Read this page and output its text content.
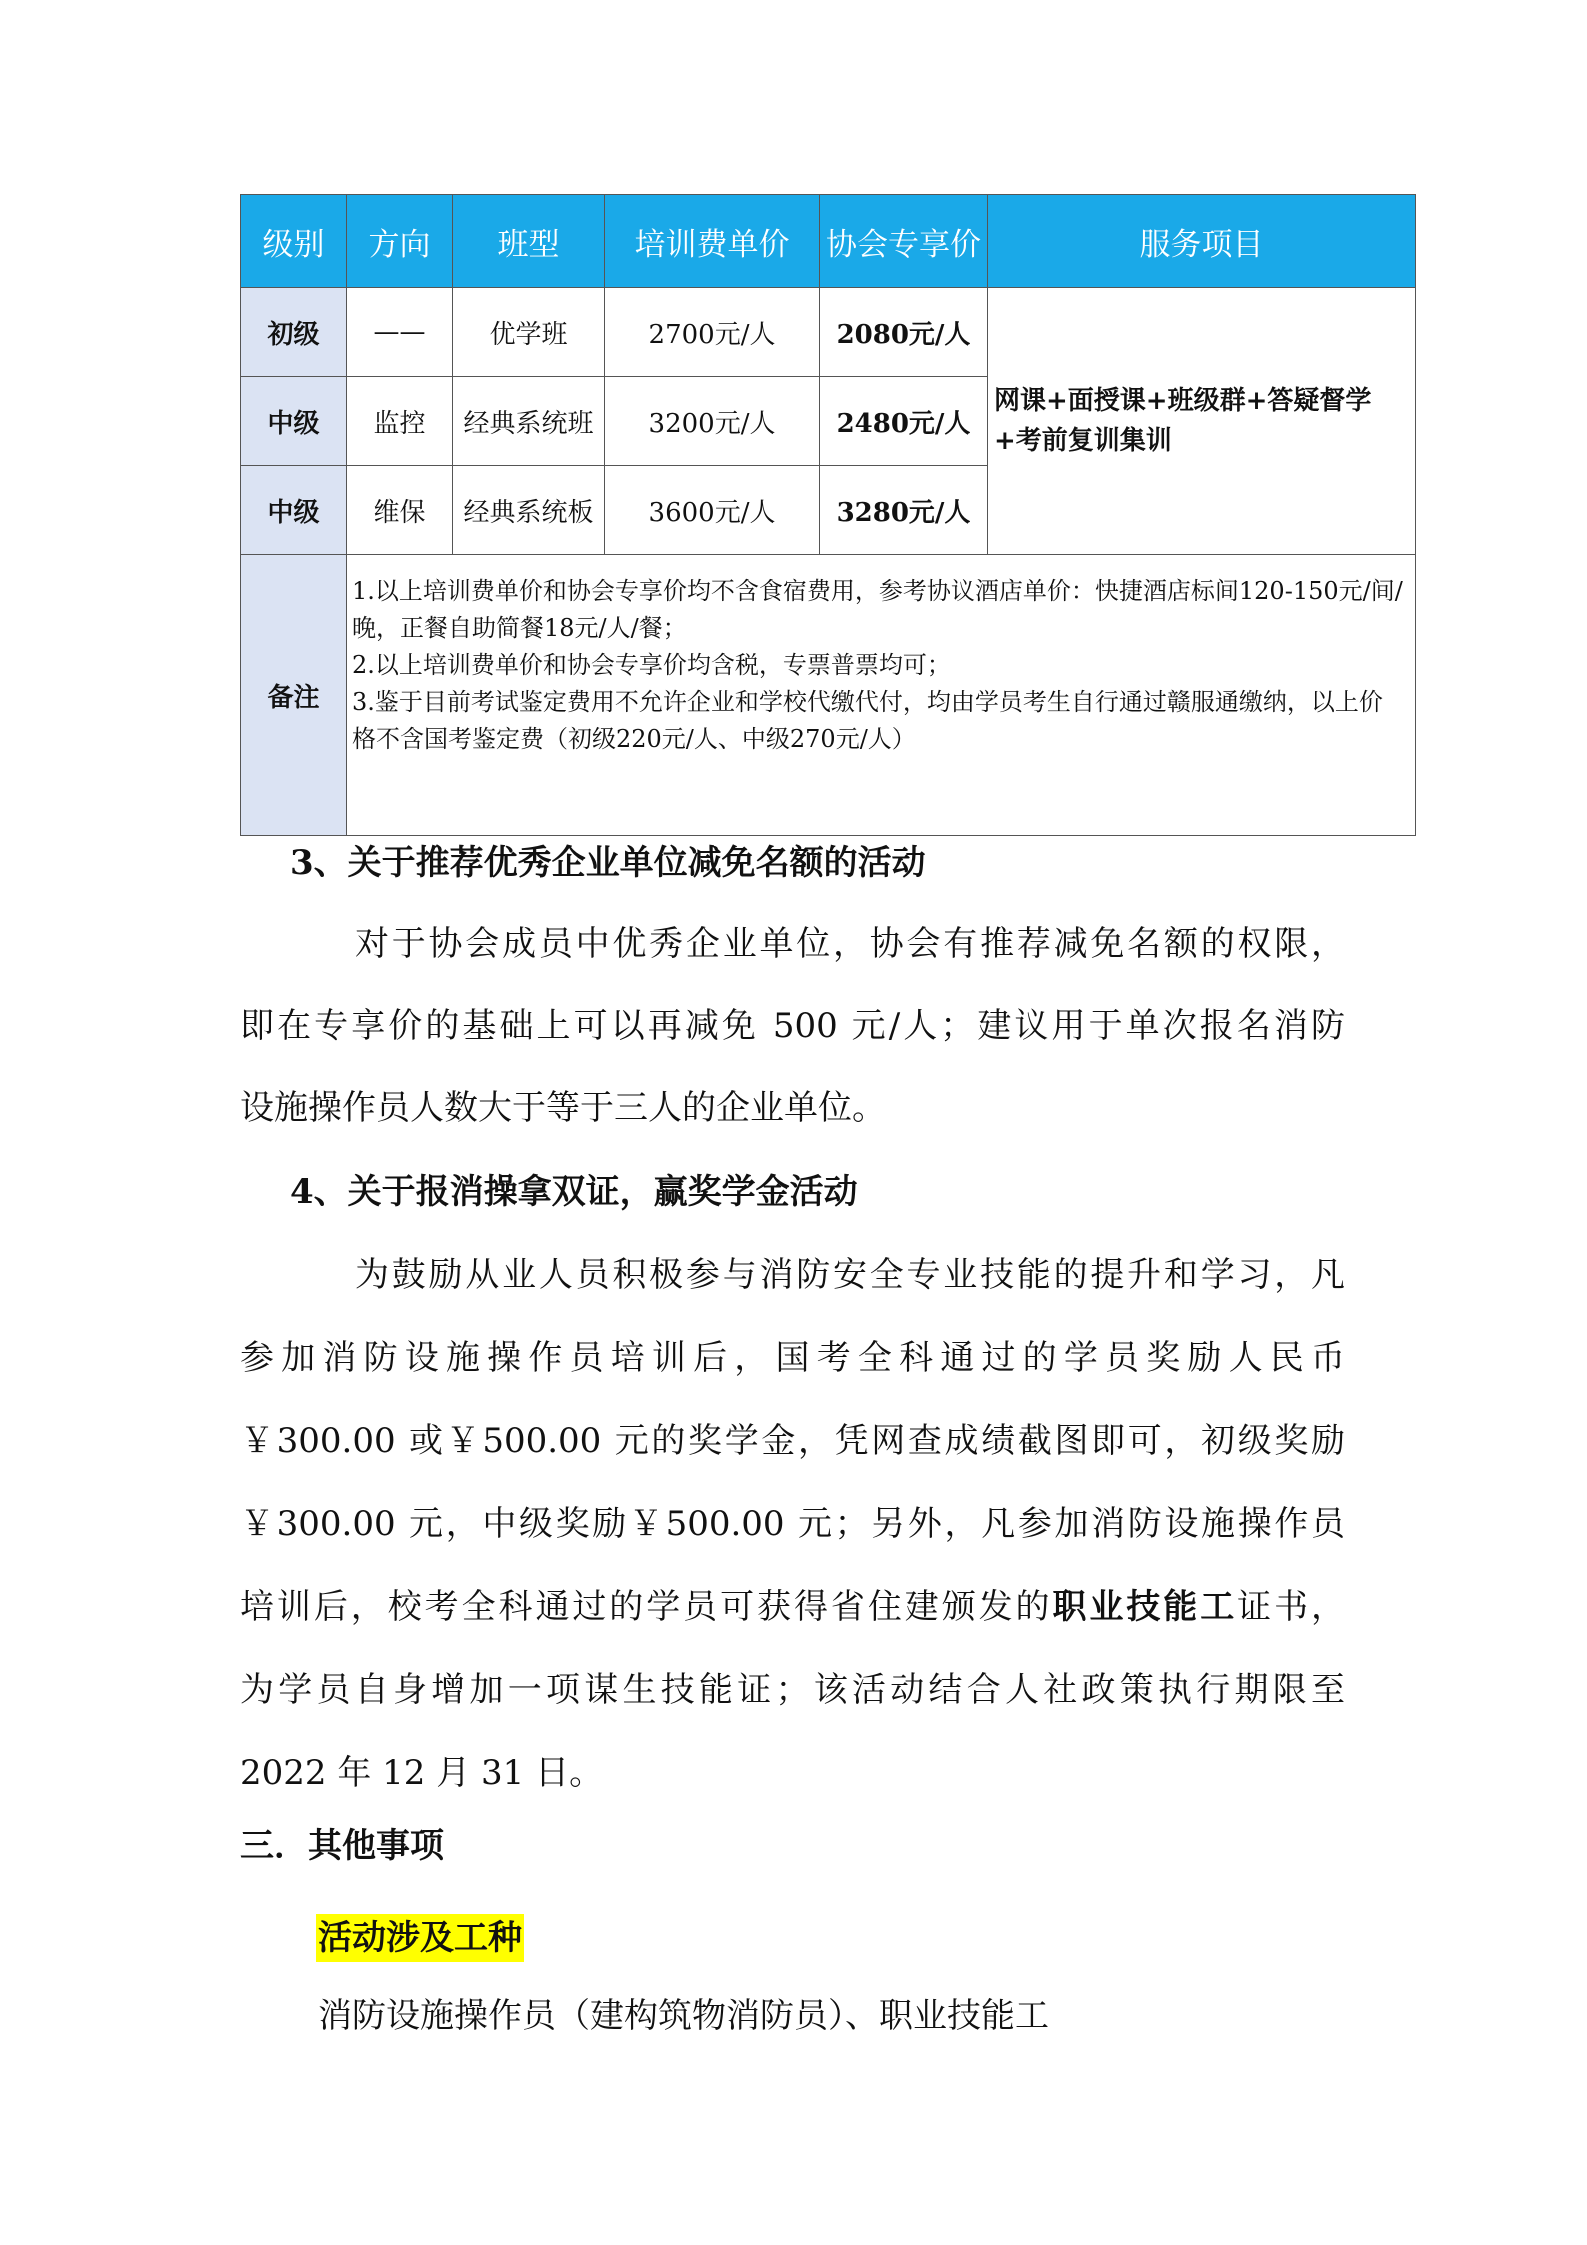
级别	方向	班型	培训费单价	协会专享价	服务项目
初级	——	优学班	2700元/人	2080元/人	网课+面授课+班级群+答疑督学+考前复训集训
中级	监控	经典系统班	3200元/人	2480元/人	
中级	维保	经典系统板	3600元/人	3280元/人	
备注	1.以上培训费单价和协会专享价均不含食宿费用，参考协议酒店单价：快捷酒店标间120-150元/间/晚，正餐自助简餐18元/人/餐；

2.以上培训费单价和协会专享价均含税，专票普票均可；

3.鉴于目前考试鉴定费用不允许企业和学校代缴代付，均由学员考生自行通过赣服通缴纳，以上价格不含国考鉴定费（初级220元/人、中级270元/人）				

3、关于推荐优秀企业单位减免名额的活动
对于协会成员中优秀企业单位，协会有推荐减免名额的权限，
即在专享价的基础上可以再减免 500 元/人；建议用于单次报名消防
设施操作员人数大于等于三人的企业单位。
4、关于报消操拿双证，赢奖学金活动
为鼓励从业人员积极参与消防安全专业技能的提升和学习，凡
参加消防设施操作员培训后，国考全科通过的学员奖励人民币
￥300.00 或￥500.00 元的奖学金，凭网查成绩截图即可，初级奖励
￥300.00 元，中级奖励￥500.00 元；另外，凡参加消防设施操作员
培训后，校考全科通过的学员可获得省住建颁发的职业技能工证书，
为学员自身增加一项谋生技能证；该活动结合人社政策执行期限至
2022 年 12 月 31 日。
三．其他事项
活动涉及工种
消防设施操作员（建构筑物消防员）、职业技能工
